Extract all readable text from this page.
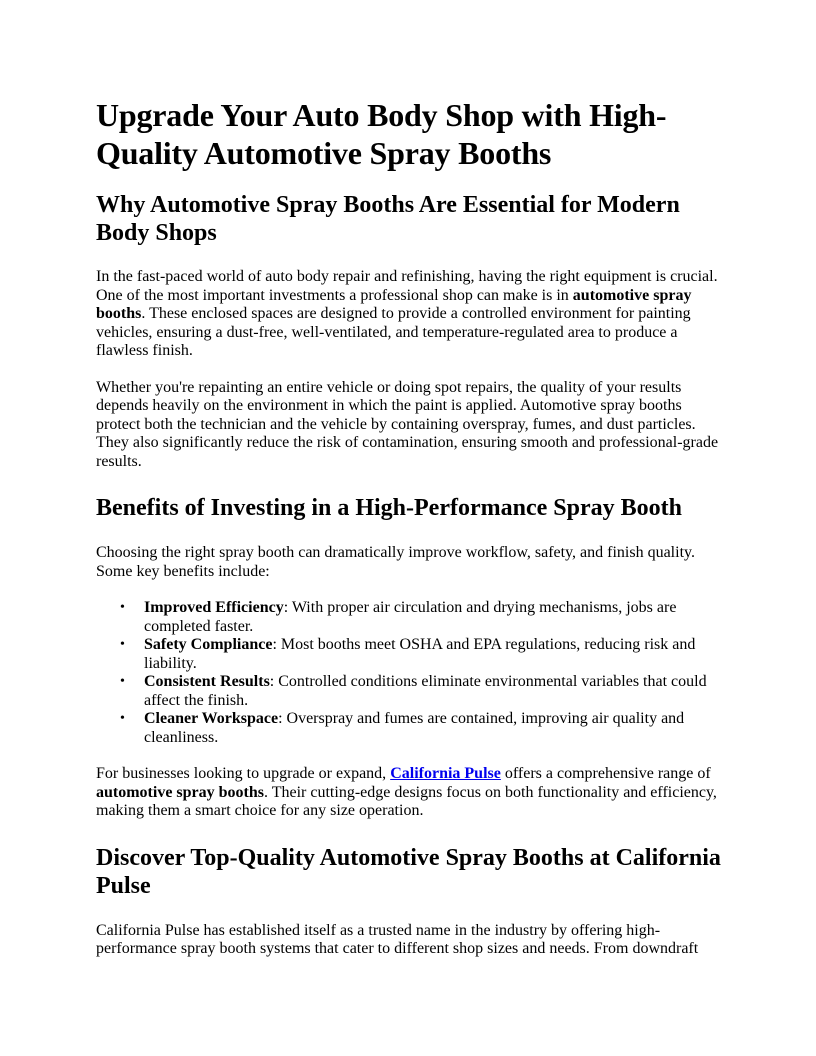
Upgrade Your Auto Body Shop with High-Quality Automotive Spray Booths
Why Automotive Spray Booths Are Essential for Modern Body Shops

In the fast-paced world of auto body repair and refinishing, having the right equipment is crucial. One of the most important investments a professional shop can make is in automotive spray booths. These enclosed spaces are designed to provide a controlled environment for painting vehicles, ensuring a dust-free, well-ventilated, and temperature-regulated area to produce a flawless finish.

Whether you're repainting an entire vehicle or doing spot repairs, the quality of your results depends heavily on the environment in which the paint is applied. Automotive spray booths protect both the technician and the vehicle by containing overspray, fumes, and dust particles. They also significantly reduce the risk of contamination, ensuring smooth and professional-grade results.

Benefits of Investing in a High-Performance Spray Booth

Choosing the right spray booth can dramatically improve workflow, safety, and finish quality. Some key benefits include:

• Improved Efficiency: With proper air circulation and drying mechanisms, jobs are completed faster.
• Safety Compliance: Most booths meet OSHA and EPA regulations, reducing risk and liability.
• Consistent Results: Controlled conditions eliminate environmental variables that could affect the finish.
• Cleaner Workspace: Overspray and fumes are contained, improving air quality and cleanliness.

For businesses looking to upgrade or expand, California Pulse offers a comprehensive range of automotive spray booths. Their cutting-edge designs focus on both functionality and efficiency, making them a smart choice for any size operation.

Discover Top-Quality Automotive Spray Booths at California Pulse

California Pulse has established itself as a trusted name in the industry by offering high-performance spray booth systems that cater to different shop sizes and needs. From downdraft
